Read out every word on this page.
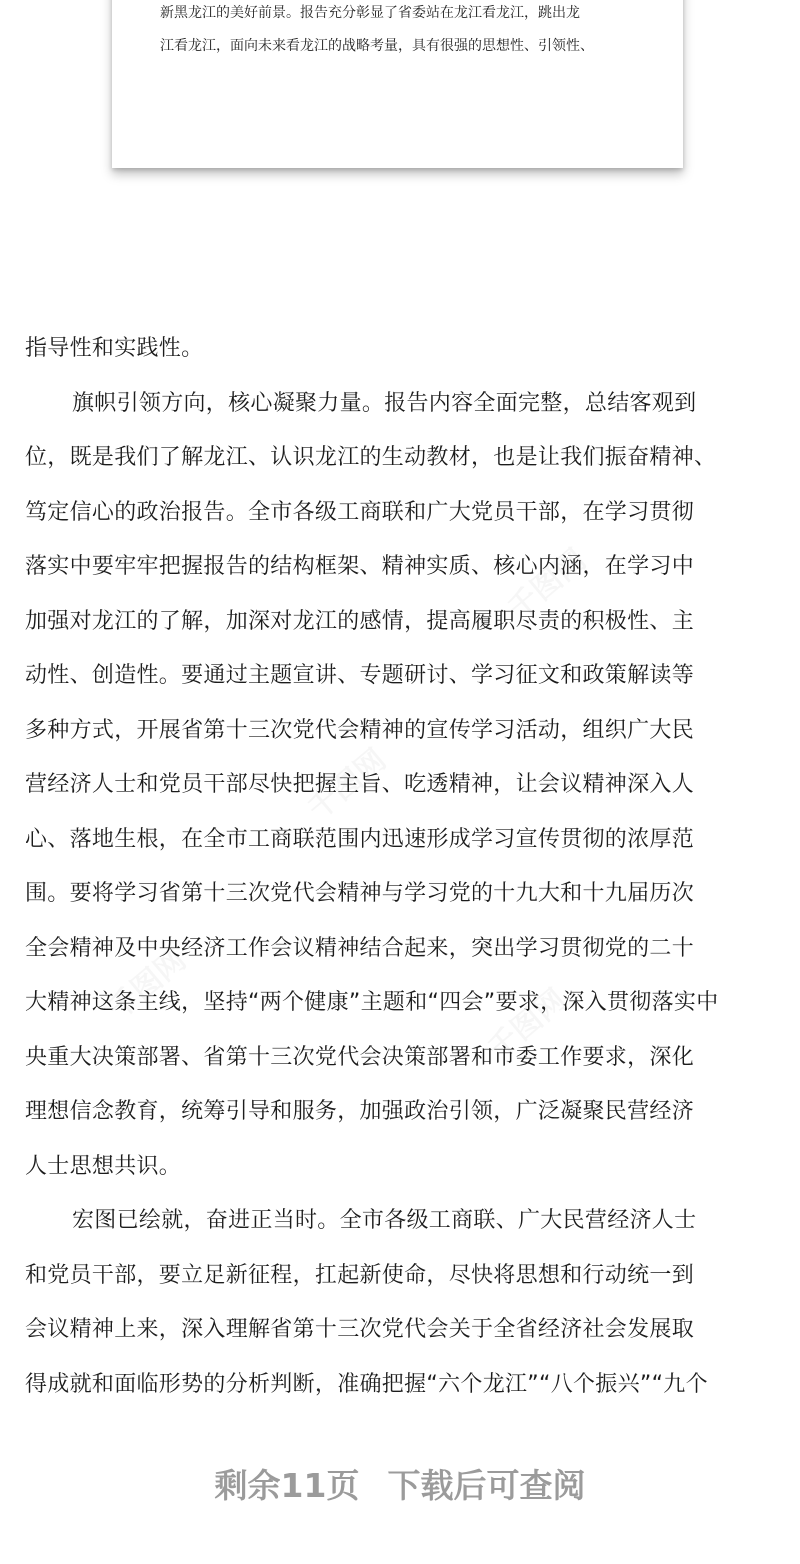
新黑龙江的美好前景。报告充分彰显了省委站在龙江看龙江，跳出龙
江看龙江，面向未来看龙江的战略考量，具有很强的思想性、引领性、
指导性和实践性。
旗帜引领方向，核心凝聚力量。报告内容全面完整，总结客观到
位，既是我们了解龙江、认识龙江的生动教材，也是让我们振奋精神、
笃定信心的政治报告。全市各级工商联和广大党员干部，在学习贯彻
落实中要牢牢把握报告的结构框架、精神实质、核心内涵，在学习中
加强对龙江的了解，加深对龙江的感情，提高履职尽责的积极性、主
动性、创造性。要通过主题宣讲、专题研讨、学习征文和政策解读等
多种方式，开展省第十三次党代会精神的宣传学习活动，组织广大民
营经济人士和党员干部尽快把握主旨、吃透精神，让会议精神深入人
心、落地生根，在全市工商联范围内迅速形成学习宣传贯彻的浓厚范
围。要将学习省第十三次党代会精神与学习党的十九大和十九届历次
全会精神及中央经济工作会议精神结合起来，突出学习贯彻党的二十
大精神这条主线，坚持“两个健康”主题和“四会”要求，深入贯彻落实中
央重大决策部署、省第十三次党代会决策部署和市委工作要求，深化
理想信念教育，统筹引导和服务，加强政治引领，广泛凝聚民营经济
人士思想共识。
宏图已绘就，奋进正当时。全市各级工商联、广大民营经济人士
和党员干部，要立足新征程，扛起新使命，尽快将思想和行动统一到
会议精神上来，深入理解省第十三次党代会关于全省经济社会发展取
得成就和面临形势的分析判断，准确把握“六个龙江”“八个振兴”“九个
剩余11页 下载后可查阅
